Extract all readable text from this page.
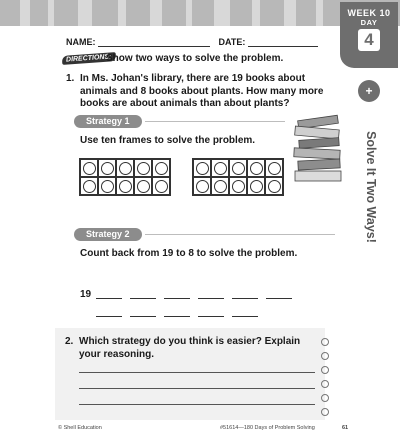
WEEK 10
DAY
4
+
Solve It Two Ways!
NAME:	DATE:
DIRECTIONS:
Show two ways to solve the problem.
1. In Ms. Johan's library, there are 19 books about
animals and 8 books about plants. How many more
books are about animals than about plants?
Strategy 1
Use ten frames to solve the problem.
Strategy 2
Count back from 19 to 8 to solve the problem.
19
2. Which strategy do you think is easier? Explain
your reasoning.
© Shell Education	#51614—180 Days of Problem Solving	61
